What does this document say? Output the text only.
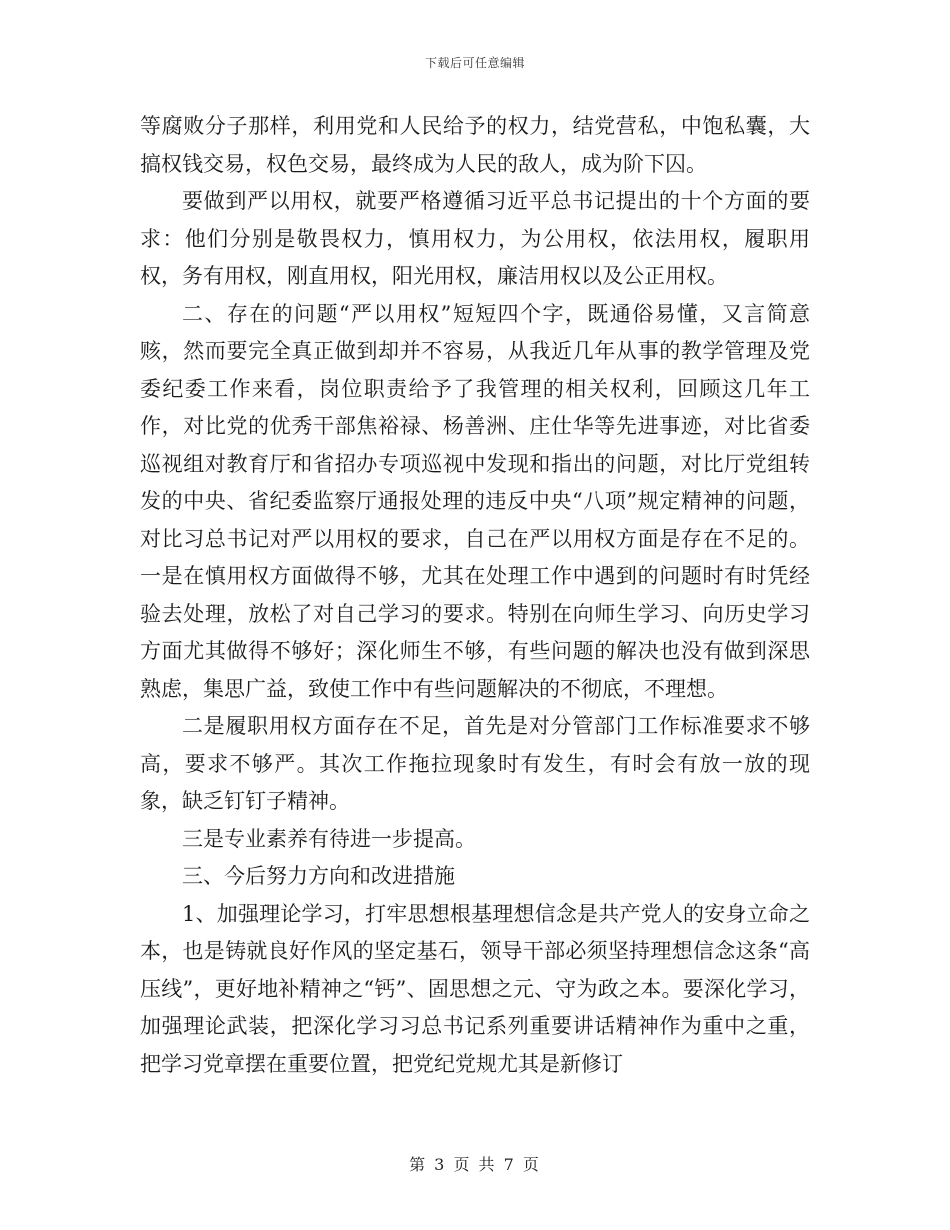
下载后可任意编辑

等腐败分子那样，利用党和人民给予的权力，结党营私，中饱私囊，大搞权钱交易，权色交易，最终成为人民的敌人，成为阶下囚。

要做到严以用权，就要严格遵循习近平总书记提出的十个方面的要求：他们分别是敬畏权力，慎用权力，为公用权，依法用权，履职用权，务有用权，刚直用权，阳光用权，廉洁用权以及公正用权。

二、存在的问题“严以用权”短短四个字，既通俗易懂，又言简意赅，然而要完全真正做到却并不容易，从我近几年从事的教学管理及党委纪委工作来看，岗位职责给予了我管理的相关权利，回顾这几年工作，对比党的优秀干部焦裕禄、杨善洲、庄仕华等先进事迹，对比省委巡视组对教育厅和省招办专项巡视中发现和指出的问题，对比厅党组转发的中央、省纪委监察厅通报处理的违反中央“八项”规定精神的问题，对比习总书记对严以用权的要求，自己在严以用权方面是存在不足的。一是在慎用权方面做得不够，尤其在处理工作中遇到的问题时有时凭经验去处理，放松了对自己学习的要求。特别在向师生学习、向历史学习方面尤其做得不够好；深化师生不够，有些问题的解决也没有做到深思熟虑，集思广益，致使工作中有些问题解决的不彻底，不理想。

二是履职用权方面存在不足，首先是对分管部门工作标准要求不够高，要求不够严。其次工作拖拉现象时有发生，有时会有放一放的现象，缺乏钉钉子精神。

三是专业素养有待进一步提高。

三、今后努力方向和改进措施

1、加强理论学习，打牢思想根基理想信念是共产党人的安身立命之本，也是铸就良好作风的坚定基石，领导干部必须坚持理想信念这条“高压线”，更好地补精神之“钙”、固思想之元、守为政之本。要深化学习，加强理论武装，把深化学习习总书记系列重要讲话精神作为重中之重，把学习党章摆在重要位置，把党纪党规尤其是新修订

第 3 页 共 7 页
